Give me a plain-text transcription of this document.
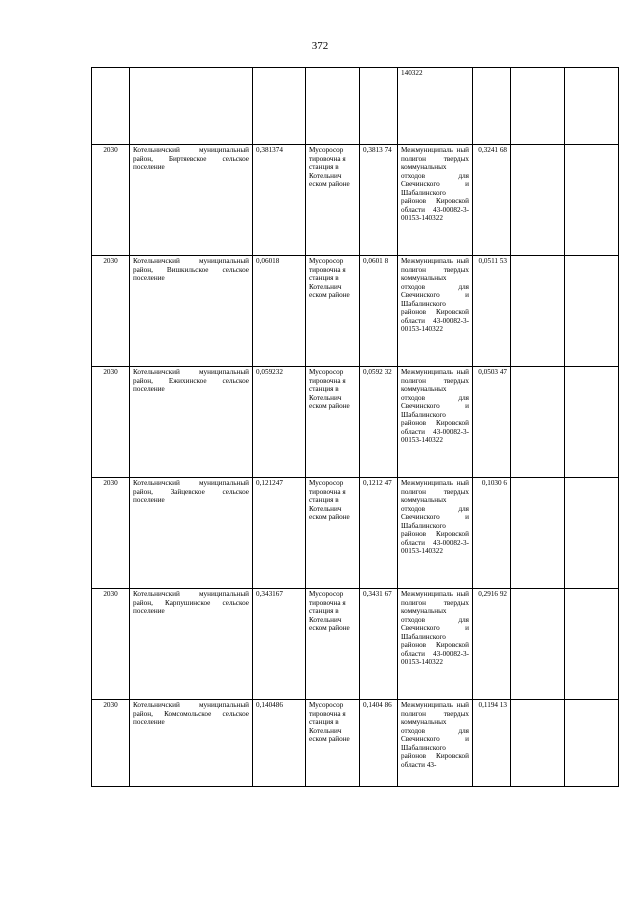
372
					140322			
2030	Котельничский муниципальный район, Биртяевское сельское поселение	0,381374	Мусоросор тировочна я станция в Котельнич еском районе	0,3813 74	Межмуниципаль ный полигон твердых коммунальных отходов для Свечинского и Шабалинского районов Кировской области 43-00082-3-00153-140322	0,3241 68		
2030	Котельничский муниципальный район, Вишкильское сельское поселение	0,06018	Мусоросор тировочна я станция в Котельнич еском районе	0,0601 8	Межмуниципаль ный полигон твердых коммунальных отходов для Свечинского и Шабалинского районов Кировской области 43-00082-3-00153-140322	0,0511 53		
2030	Котельничский муниципальный район, Ежихинское сельское поселение	0,059232	Мусоросор тировочна я станция в Котельнич еском районе	0,0592 32	Межмуниципаль ный полигон твердых коммунальных отходов для Свечинского и Шабалинского районов Кировской области 43-00082-3-00153-140322	0,0503 47		
2030	Котельничский муниципальный район, Зайцевское сельское поселение	0,121247	Мусоросор тировочна я станция в Котельнич еском районе	0,1212 47	Межмуниципаль ный полигон твердых коммунальных отходов для Свечинского и Шабалинского районов Кировской области 43-00082-3-00153-140322	0,1030 6		
2030	Котельничский муниципальный район, Карпушинское сельское поселение	0,343167	Мусоросор тировочна я станция в Котельнич еском районе	0,3431 67	Межмуниципаль ный полигон твердых коммунальных отходов для Свечинского и Шабалинского районов Кировской области 43-00082-3-00153-140322	0,2916 92		
2030	Котельничский муниципальный район, Комсомольское сельское поселение	0,140486	Мусоросор тировочна я станция в Котельнич еском районе	0,1404 86	Межмуниципаль ный полигон твердых коммунальных отходов для Свечинского и Шабалинского районов Кировской области 43-	0,1194 13		
